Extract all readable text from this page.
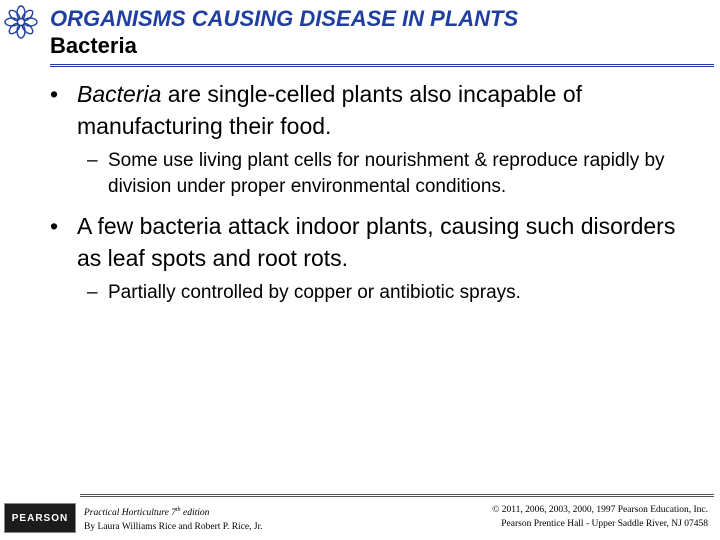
ORGANISMS CAUSING DISEASE IN PLANTS
Bacteria
• Bacteria are single-celled plants also incapable of manufacturing their food.
– Some use living plant cells for nourishment & reproduce rapidly by division under proper environmental conditions.
• A few bacteria attack indoor plants, causing such disorders as leaf spots and root rots.
– Partially controlled by copper or antibiotic sprays.
PEARSON Practical Horticulture 7th edition
By Laura Williams Rice and Robert P. Rice, Jr.
© 2011, 2006, 2003, 2000, 1997 Pearson Education, Inc.
Pearson Prentice Hall - Upper Saddle River, NJ 07458
